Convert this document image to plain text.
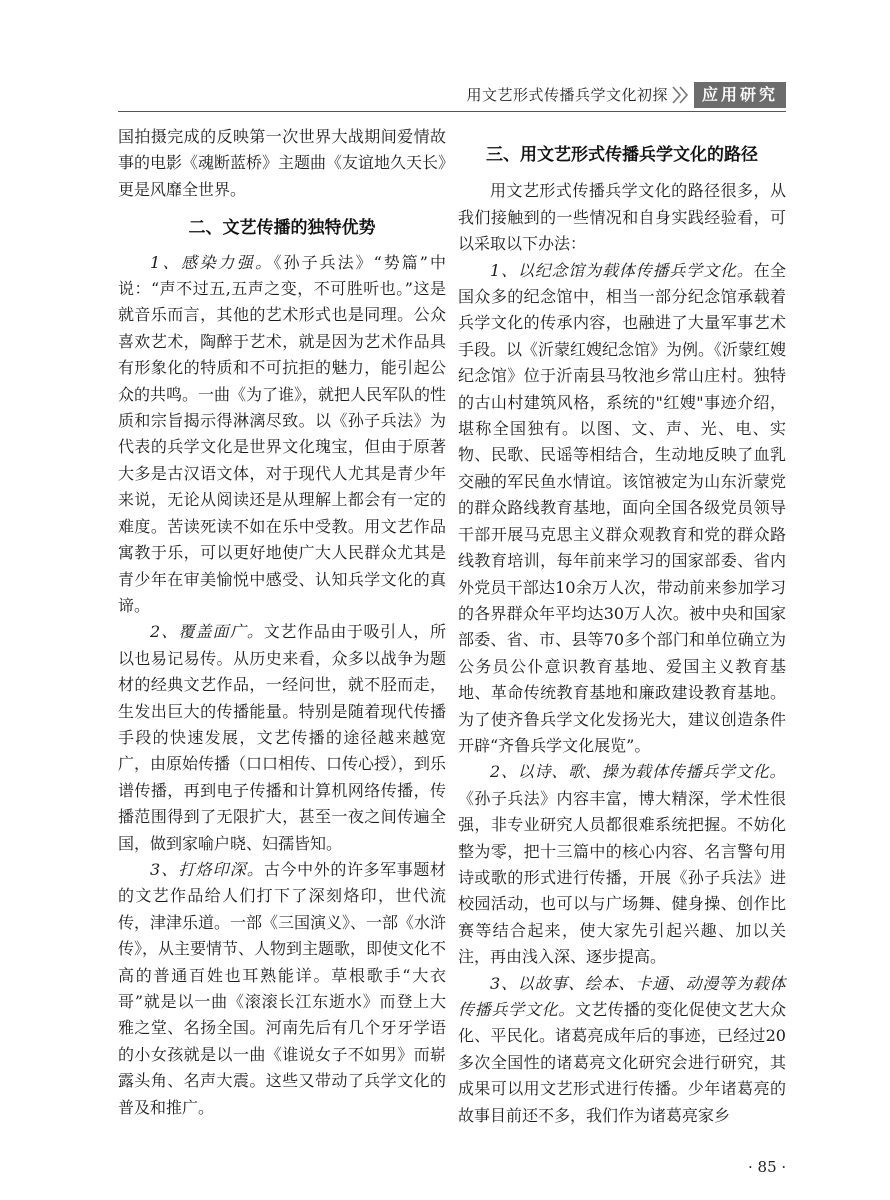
用文艺形式传播兵学文化初探	应用研究

国拍摄完成的反映第一次世界大战期间爱情故事的电影《魂断蓝桥》主题曲《友谊地久天长》更是风靡全世界。

二、文艺传播的独特优势

1、感染力强。《孙子兵法》“势篇”中说：“声不过五,五声之变，不可胜听也。”这是就音乐而言，其他的艺术形式也是同理。公众喜欢艺术，陶醉于艺术，就是因为艺术作品具有形象化的特质和不可抗拒的魅力，能引起公众的共鸣。一曲《为了谁》，就把人民军队的性质和宗旨揭示得淋漓尽致。以《孙子兵法》为代表的兵学文化是世界文化瑰宝，但由于原著大多是古汉语文体，对于现代人尤其是青少年来说，无论从阅读还是从理解上都会有一定的难度。苦读死读不如在乐中受教。用文艺作品寓教于乐，可以更好地使广大人民群众尤其是青少年在审美愉悦中感受、认知兵学文化的真谛。

2、覆盖面广。文艺作品由于吸引人，所以也易记易传。从历史来看，众多以战争为题材的经典文艺作品，一经问世，就不胫而走，生发出巨大的传播能量。特别是随着现代传播手段的快速发展，文艺传播的途径越来越宽广，由原始传播（口口相传、口传心授），到乐谱传播，再到电子传播和计算机网络传播，传播范围得到了无限扩大，甚至一夜之间传遍全国，做到家喻户晓、妇孺皆知。

3、打烙印深。古今中外的许多军事题材的文艺作品给人们打下了深刻烙印，世代流传，津津乐道。一部《三国演义》、一部《水浒传》，从主要情节、人物到主题歌，即使文化不高的普通百姓也耳熟能详。草根歌手“大衣哥”就是以一曲《滚滚长江东逝水》而登上大雅之堂、名扬全国。河南先后有几个牙牙学语的小女孩就是以一曲《谁说女子不如男》而崭露头角、名声大震。这些又带动了兵学文化的普及和推广。

三、用文艺形式传播兵学文化的路径

用文艺形式传播兵学文化的路径很多，从我们接触到的一些情况和自身实践经验看，可以采取以下办法：

1、以纪念馆为载体传播兵学文化。在全国众多的纪念馆中，相当一部分纪念馆承载着兵学文化的传承内容，也融进了大量军事艺术手段。以《沂蒙红嫂纪念馆》为例。《沂蒙红嫂纪念馆》位于沂南县马牧池乡常山庄村。独特的古山村建筑风格，系统的"红嫂"事迹介绍，堪称全国独有。以图、文、声、光、电、实物、民歌、民谣等相结合，生动地反映了血乳交融的军民鱼水情谊。该馆被定为山东沂蒙党的群众路线教育基地，面向全国各级党员领导干部开展马克思主义群众观教育和党的群众路线教育培训，每年前来学习的国家部委、省内外党员干部达10余万人次，带动前来参加学习的各界群众年平均达30万人次。被中央和国家部委、省、市、县等70多个部门和单位确立为公务员公仆意识教育基地、爱国主义教育基地、革命传统教育基地和廉政建设教育基地。为了使齐鲁兵学文化发扬光大，建议创造条件开辟“齐鲁兵学文化展览”。

2、以诗、歌、操为载体传播兵学文化。《孙子兵法》内容丰富，博大精深，学术性很强，非专业研究人员都很难系统把握。不妨化整为零，把十三篇中的核心内容、名言警句用诗或歌的形式进行传播，开展《孙子兵法》进校园活动，也可以与广场舞、健身操、创作比赛等结合起来，使大家先引起兴趣、加以关注，再由浅入深、逐步提高。

3、以故事、绘本、卡通、动漫等为载体传播兵学文化。文艺传播的变化促使文艺大众化、平民化。诸葛亮成年后的事迹，已经过20多次全国性的诸葛亮文化研究会进行研究，其成果可以用文艺形式进行传播。少年诸葛亮的故事目前还不多，我们作为诸葛亮家乡

· 85 ·
